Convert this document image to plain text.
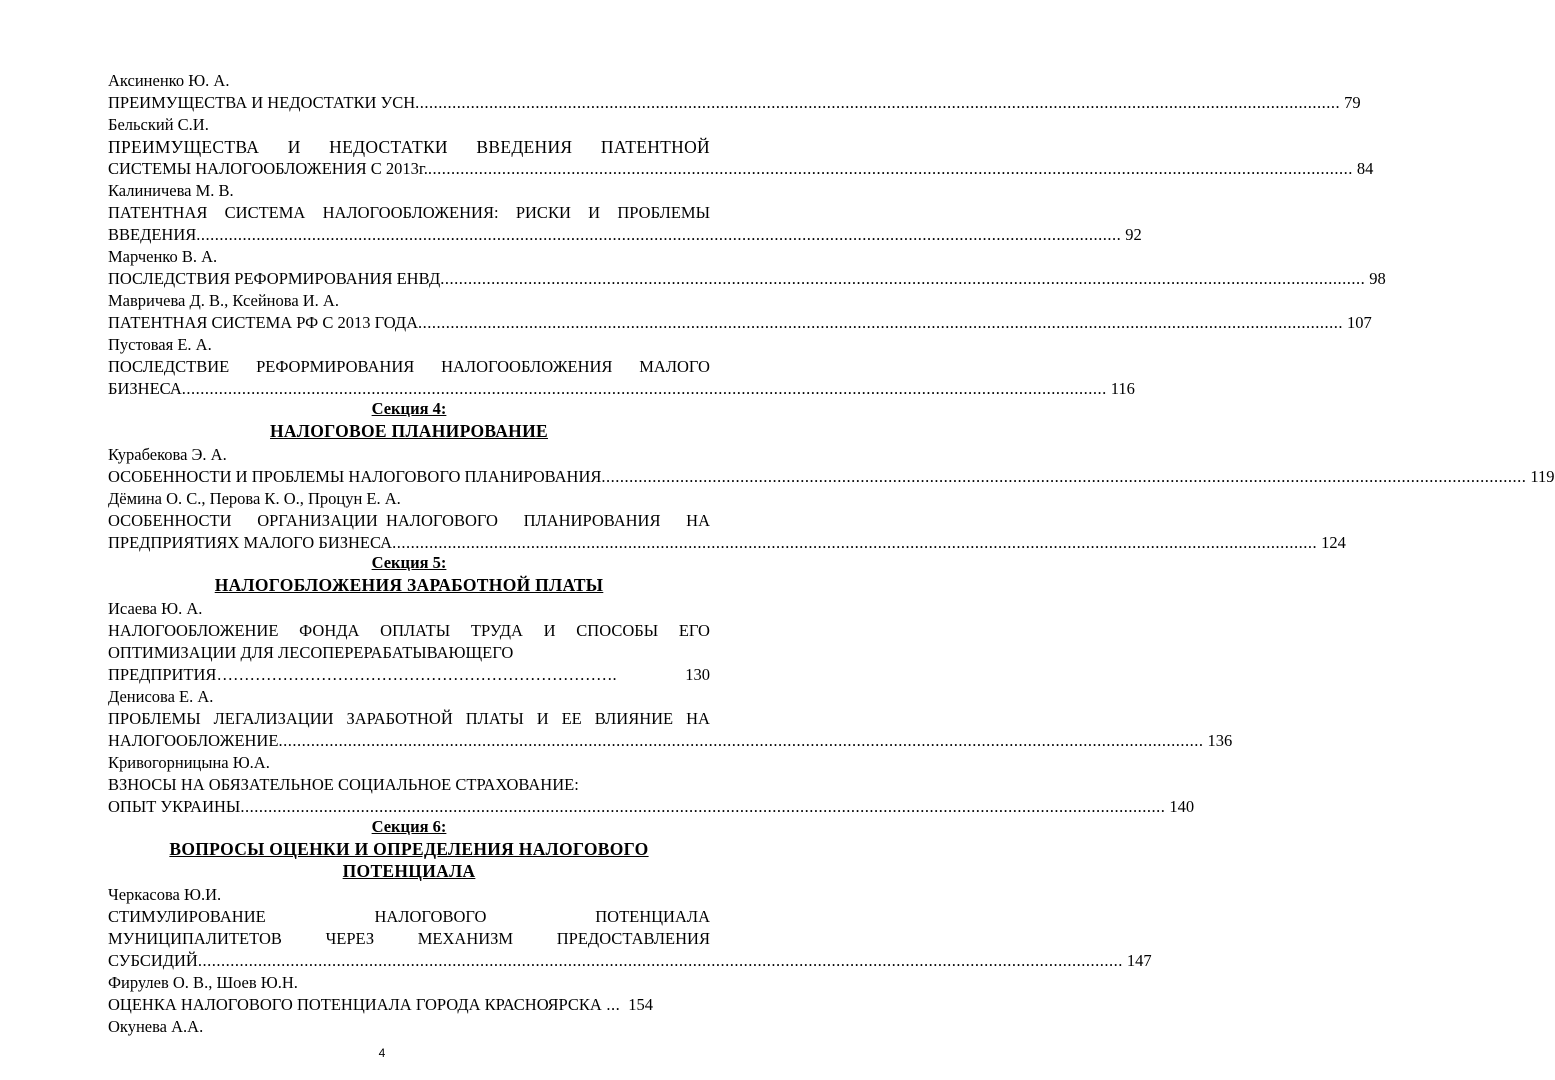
Аксиненко Ю. А.
ПРЕИМУЩЕСТВА И НЕДОСТАТКИ УСН ........................................................................................................................................................................................................ 79
Бельский С.И.
ПРЕИМУЩЕСТВА И НЕДОСТАТКИ ВВЕДЕНИЯ ПАТЕНТНОЙ
СИСТЕМЫ НАЛОГООБЛОЖЕНИЯ С 2013г. ........................................................................................................................................................................................................ 84
Калиничева М. В.
ПАТЕНТНАЯ СИСТЕМА НАЛОГООБЛОЖЕНИЯ: РИСКИ И ПРОБЛЕМЫ
ВВЕДЕНИЯ ........................................................................................................................................................................................................ 92
Марченко В. А.
ПОСЛЕДСТВИЯ РЕФОРМИРОВАНИЯ ЕНВД ........................................................................................................................................................................................................ 98
Мавричева Д. В., Ксейнова И. А.
ПАТЕНТНАЯ СИСТЕМА РФ С 2013 ГОДА ........................................................................................................................................................................................................ 107
Пустовая Е. А.
ПОСЛЕДСТВИЕ РЕФОРМИРОВАНИЯ НАЛОГООБЛОЖЕНИЯ МАЛОГО
БИЗНЕСА ........................................................................................................................................................................................................ 116
Секция 4:
НАЛОГОВОЕ ПЛАНИРОВАНИЕ
Курабекова Э. А.
ОСОБЕННОСТИ И ПРОБЛЕМЫ НАЛОГОВОГО ПЛАНИРОВАНИЯ ........................................................................................................................................................................................................ 119
Дёмина О. С., Перова К. О., Процун Е. А.
ОСОБЕННОСТИ ОРГАНИЗАЦИИ  НАЛОГОВОГО ПЛАНИРОВАНИЯ НА
ПРЕДПРИЯТИЯХ МАЛОГО БИЗНЕСА ........................................................................................................................................................................................................ 124
Секция 5:
НАЛОГОБЛОЖЕНИЯ ЗАРАБОТНОЙ ПЛАТЫ
Исаева Ю. А.
НАЛОГООБЛОЖЕНИЕ ФОНДА ОПЛАТЫ ТРУДА И СПОСОБЫ ЕГО
ОПТИМИЗАЦИИ ДЛЯ ЛЕСОПЕРЕРАБАТЫВАЮЩЕГО
ПРЕДПРИТИЯ ……………………………………………………………….	130
Денисова Е. А.
ПРОБЛЕМЫ ЛЕГАЛИЗАЦИИ ЗАРАБОТНОЙ ПЛАТЫ И ЕЕ ВЛИЯНИЕ НА
НАЛОГООБЛОЖЕНИЕ ........................................................................................................................................................................................................ 136
Кривогорницына Ю.А.
ВЗНОСЫ НА ОБЯЗАТЕЛЬНОЕ СОЦИАЛЬНОЕ СТРАХОВАНИЕ:
ОПЫТ УКРАИНЫ ........................................................................................................................................................................................................ 140
Секция 6:
ВОПРОСЫ ОЦЕНКИ И ОПРЕДЕЛЕНИЯ НАЛОГОВОГО
ПОТЕНЦИАЛА
Черкасова Ю.И.
СТИМУЛИРОВАНИЕ	НАЛОГОВОГО	ПОТЕНЦИАЛА
МУНИЦИПАЛИТЕТОВ	ЧЕРЕЗ	МЕХАНИЗМ	ПРЕДОСТАВЛЕНИЯ
СУБСИДИЙ ........................................................................................................................................................................................................ 147
Фирулев О. В., Шоев Ю.Н.
ОЦЕНКА НАЛОГОВОГО ПОТЕНЦИАЛА ГОРОДА КРАСНОЯРСКА ... 154
Окунева А.А.
4
